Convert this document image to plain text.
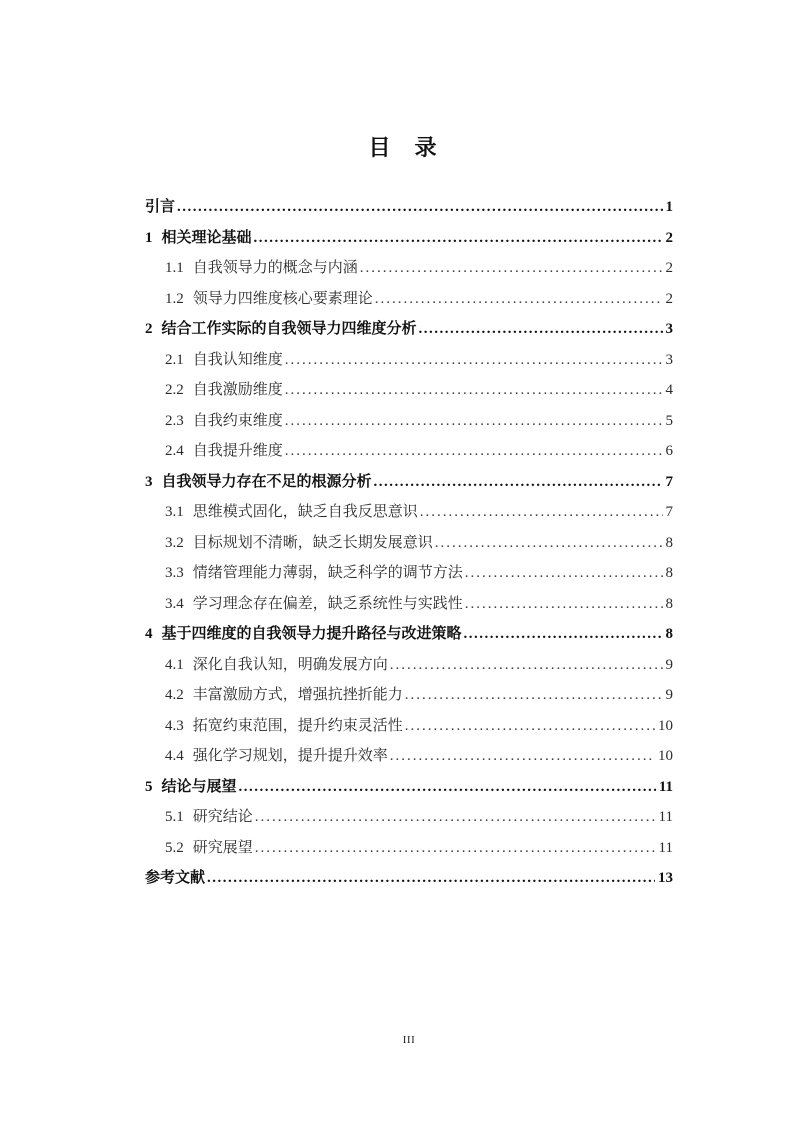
目　录
引言 .....	1
1 相关理论基础 .....	2
1.1 自我领导力的概念与内涵 .....	2
1.2 领导力四维度核心要素理论 .....	2
2 结合工作实际的自我领导力四维度分析 .....	3
2.1 自我认知维度 .....	3
2.2 自我激励维度 .....	4
2.3 自我约束维度 .....	5
2.4 自我提升维度 .....	6
3 自我领导力存在不足的根源分析 .....	7
3.1 思维模式固化，缺乏自我反思意识 .....	7
3.2 目标规划不清晰，缺乏长期发展意识 .....	8
3.3 情绪管理能力薄弱，缺乏科学的调节方法 .....	8
3.4 学习理念存在偏差，缺乏系统性与实践性 .....	8
4 基于四维度的自我领导力提升路径与改进策略 .....	8
4.1 深化自我认知，明确发展方向 .....	9
4.2 丰富激励方式，增强抗挫折能力 .....	9
4.3 拓宽约束范围，提升约束灵活性 .....	10
4.4 强化学习规划，提升提升效率 .....	10
5 结论与展望 .....	11
5.1 研究结论 .....	11
5.2 研究展望 .....	11
参考文献 .....	13
III
